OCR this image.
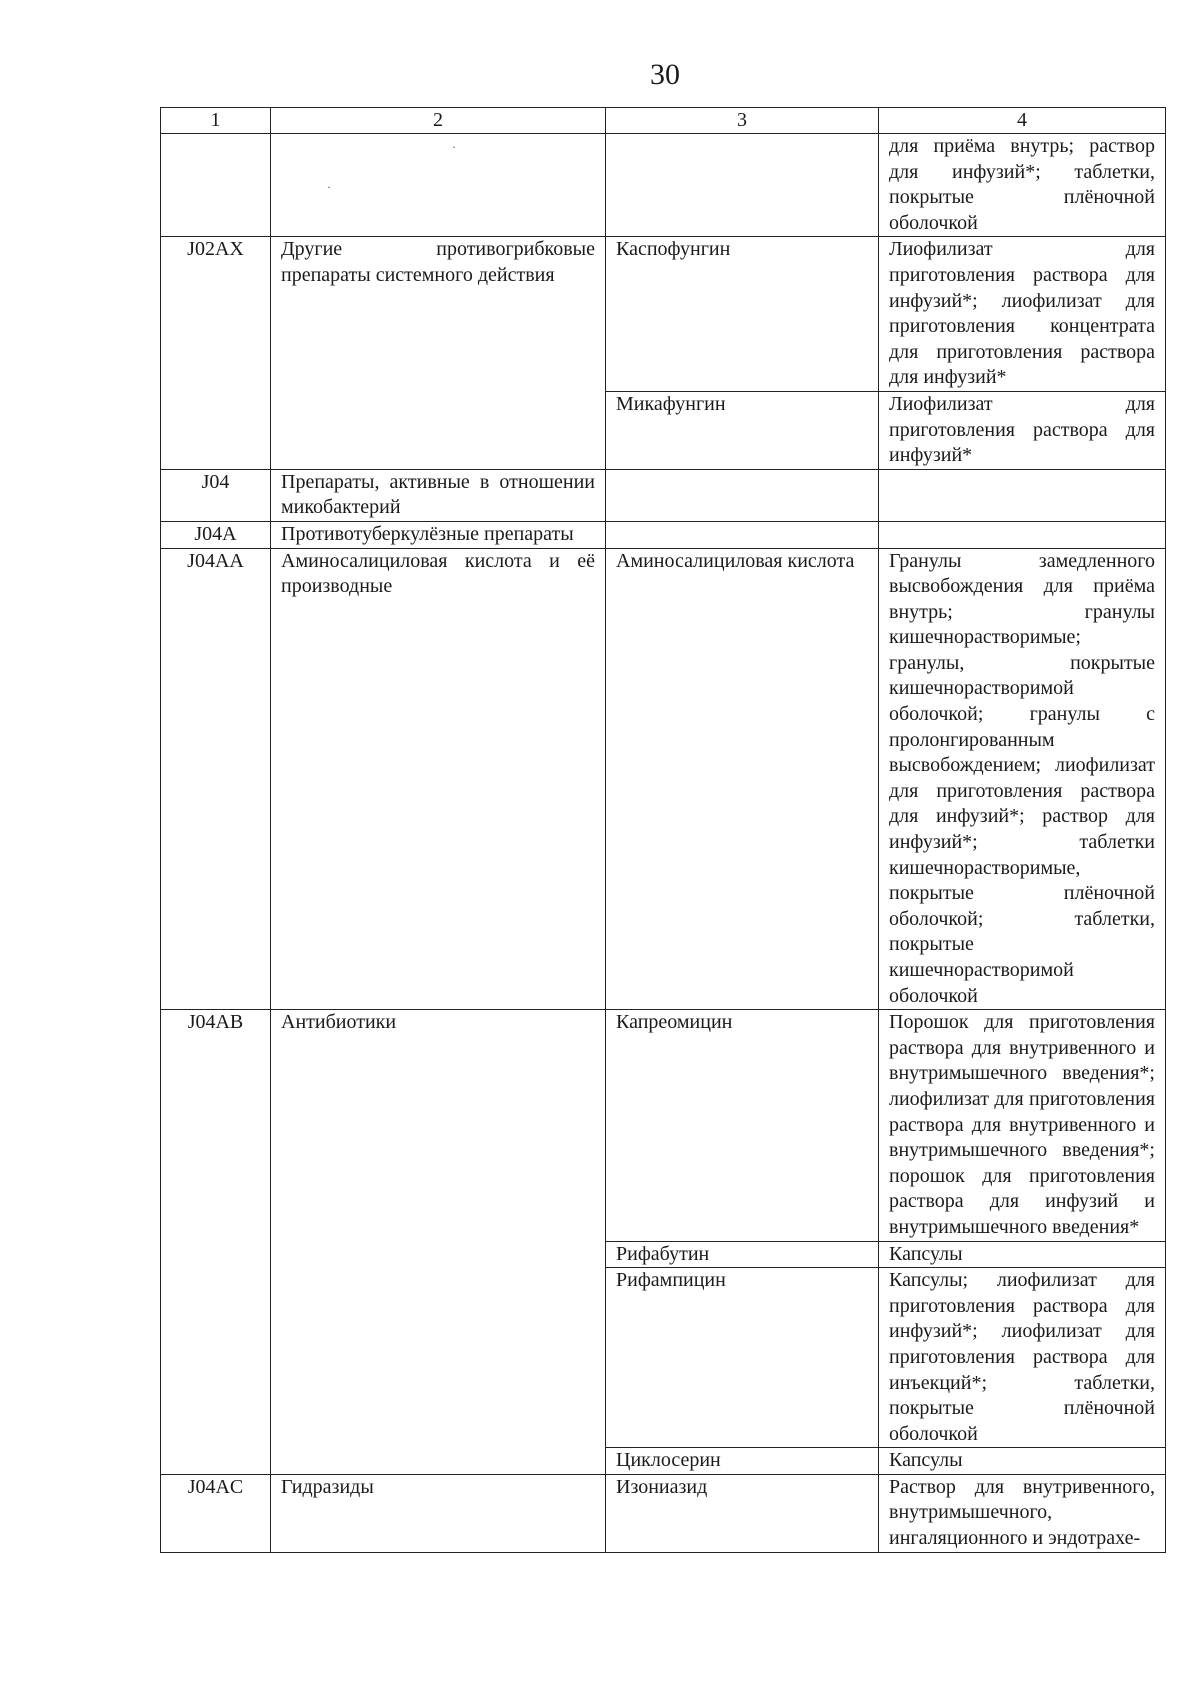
30
1	2	3	4
			для приёма внутрь; раствор для инфузий*; таблетки, покрытые плёночной оболочкой
J02AX	Другие противогрибковые препараты системного действия	Каспофунгин	Лиофилизат для приготовления раствора для инфузий*; лиофилизат для приготовления концентрата для приготовления раствора для инфузий*
		Микафунгин	Лиофилизат для приготовления раствора для инфузий*
J04	Препараты, активные в отношении микобактерий		
J04A	Противотуберкулёзные препараты		
J04AA	Аминосалициловая кислота и её производные	Аминосалициловая кислота	Гранулы замедленного высвобождения для приёма внутрь; гранулы кишечнорастворимые; гранулы, покрытые кишечнорастворимой оболочкой; гранулы с пролонгированным высвобождением; лиофилизат для приготовления раствора для инфузий*; раствор для инфузий*; таблетки кишечнорастворимые, покрытые плёночной оболочкой; таблетки, покрытые кишечнорастворимой оболочкой
J04AB	Антибиотики	Капреомицин	Порошок для приготовления раствора для внутривенного и внутримышечного введения*; лиофилизат для приготовления раствора для внутривенного и внутримышечного введения*; порошок для приготовления раствора для инфузий и внутримышечного введения*
		Рифабутин	Капсулы
		Рифампицин	Капсулы; лиофилизат для приготовления раствора для инфузий*; лиофилизат для приготовления раствора для инъекций*; таблетки, покрытые плёночной оболочкой
		Циклосерин	Капсулы
J04AC	Гидразиды	Изониазид	Раствор для внутривенного, внутримышечного, ингаляционного и эндотрахе-
·
·
